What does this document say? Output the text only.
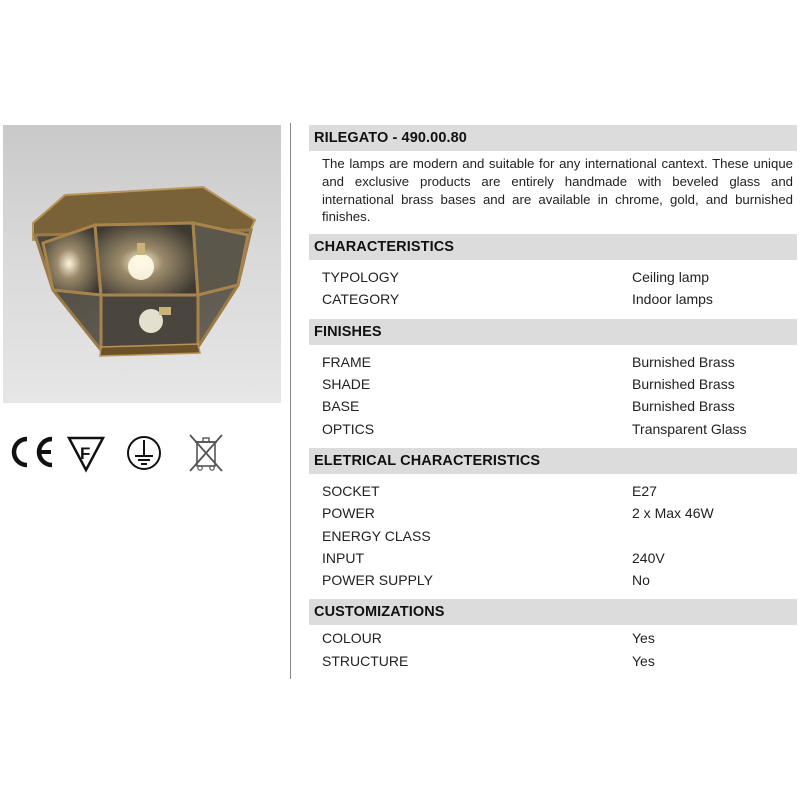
F
RILEGATO - 490.00.80
The lamps are modern and suitable for any international cantext. These unique and exclusive products are entirely handmade with beveled glass and international brass bases and are available in chrome, gold, and burnished finishes.
CHARACTERISTICS
TYPOLOGY	Ceiling lamp
CATEGORY	Indoor lamps
FINISHES
FRAME	Burnished Brass
SHADE	Burnished Brass
BASE	Burnished Brass
OPTICS	Transparent Glass
ELETRICAL CHARACTERISTICS
SOCKET	E27
POWER	2 x Max 46W
ENERGY CLASS
INPUT	240V
POWER SUPPLY	No
CUSTOMIZATIONS
COLOUR	Yes
STRUCTURE	Yes
